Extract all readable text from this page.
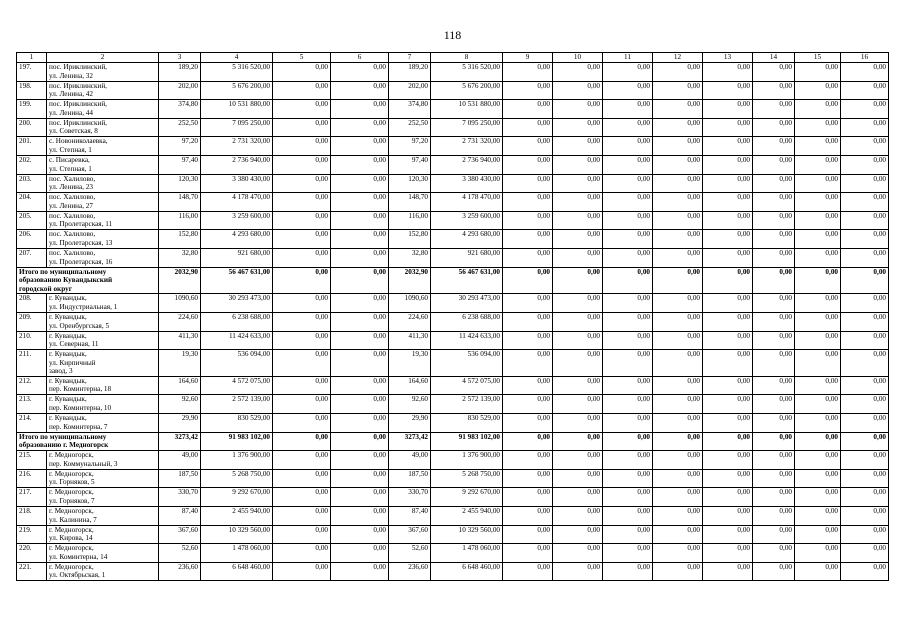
118
1	2	3	4	5	6	7	8	9	10	11	12	13	14	15	16
197.	пос. Ириклинский,
ул. Ленина, 32	189,20	5 316 520,00	0,00	0,00	189,20	5 316 520,00	0,00	0,00	0,00	0,00	0,00	0,00	0,00	0,00
198.	пос. Ириклинский,
ул. Ленина, 42	202,00	5 676 200,00	0,00	0,00	202,00	5 676 200,00	0,00	0,00	0,00	0,00	0,00	0,00	0,00	0,00
199.	пос. Ириклинский,
ул. Ленина, 44	374,80	10 531 880,00	0,00	0,00	374,80	10 531 880,00	0,00	0,00	0,00	0,00	0,00	0,00	0,00	0,00
200.	пос. Ириклинский,
ул. Советская, 8	252,50	7 095 250,00	0,00	0,00	252,50	7 095 250,00	0,00	0,00	0,00	0,00	0,00	0,00	0,00	0,00
201.	с. Новониколаевка,
ул. Степная, 1	97,20	2 731 320,00	0,00	0,00	97,20	2 731 320,00	0,00	0,00	0,00	0,00	0,00	0,00	0,00	0,00
202.	с. Писаревка,
ул. Степная, 1	97,40	2 736 940,00	0,00	0,00	97,40	2 736 940,00	0,00	0,00	0,00	0,00	0,00	0,00	0,00	0,00
203.	пос. Халилово,
ул. Ленина, 23	120,30	3 380 430,00	0,00	0,00	120,30	3 380 430,00	0,00	0,00	0,00	0,00	0,00	0,00	0,00	0,00
204.	пос. Халилово,
ул. Ленина, 27	148,70	4 178 470,00	0,00	0,00	148,70	4 178 470,00	0,00	0,00	0,00	0,00	0,00	0,00	0,00	0,00
205.	пос. Халилово,
ул. Пролетарская, 11	116,00	3 259 600,00	0,00	0,00	116,00	3 259 600,00	0,00	0,00	0,00	0,00	0,00	0,00	0,00	0,00
206.	пос. Халилово,
ул. Пролетарская, 13	152,80	4 293 680,00	0,00	0,00	152,80	4 293 680,00	0,00	0,00	0,00	0,00	0,00	0,00	0,00	0,00
207.	пос. Халилово,
ул. Пролетарская, 16	32,80	921 680,00	0,00	0,00	32,80	921 680,00	0,00	0,00	0,00	0,00	0,00	0,00	0,00	0,00
Итого по муниципальному
образованию Кувандыкский
городской округ		2032,90	56 467 631,00	0,00	0,00	2032,90	56 467 631,00	0,00	0,00	0,00	0,00	0,00	0,00	0,00	0,00
208.	г. Кувандык,
ул. Индустриальная, 1	1090,60	30 293 473,00	0,00	0,00	1090,60	30 293 473,00	0,00	0,00	0,00	0,00	0,00	0,00	0,00	0,00
209.	г. Кувандык,
ул. Оренбургская, 5	224,60	6 238 688,00	0,00	0,00	224,60	6 238 688,00	0,00	0,00	0,00	0,00	0,00	0,00	0,00	0,00
210.	г. Кувандык,
ул. Северная, 11	411,30	11 424 633,00	0,00	0,00	411,30	11 424 633,00	0,00	0,00	0,00	0,00	0,00	0,00	0,00	0,00
211.	г. Кувандык,
ул. Кирпичный
завод, 3	19,30	536 094,00	0,00	0,00	19,30	536 094,00	0,00	0,00	0,00	0,00	0,00	0,00	0,00	0,00
212.	г. Кувандык,
пер. Коминтерна, 18	164,60	4 572 075,00	0,00	0,00	164,60	4 572 075,00	0,00	0,00	0,00	0,00	0,00	0,00	0,00	0,00
213.	г. Кувандык,
пер. Коминтерна, 10	92,60	2 572 139,00	0,00	0,00	92,60	2 572 139,00	0,00	0,00	0,00	0,00	0,00	0,00	0,00	0,00
214.	г. Кувандык,
пер. Коминтерна, 7	29,90	830 529,00	0,00	0,00	29,90	830 529,00	0,00	0,00	0,00	0,00	0,00	0,00	0,00	0,00
Итого по муниципальному
образованию г. Медногорск		3273,42	91 983 102,00	0,00	0,00	3273,42	91 983 102,00	0,00	0,00	0,00	0,00	0,00	0,00	0,00	0,00
215.	г. Медногорск,
пер. Коммунальный, 3	49,00	1 376 900,00	0,00	0,00	49,00	1 376 900,00	0,00	0,00	0,00	0,00	0,00	0,00	0,00	0,00
216.	г. Медногорск,
ул. Горняков, 5	187,50	5 268 750,00	0,00	0,00	187,50	5 268 750,00	0,00	0,00	0,00	0,00	0,00	0,00	0,00	0,00
217.	г. Медногорск,
ул. Горняков, 7	330,70	9 292 670,00	0,00	0,00	330,70	9 292 670,00	0,00	0,00	0,00	0,00	0,00	0,00	0,00	0,00
218.	г. Медногорск,
ул. Калинина, 7	87,40	2 455 940,00	0,00	0,00	87,40	2 455 940,00	0,00	0,00	0,00	0,00	0,00	0,00	0,00	0,00
219.	г. Медногорск,
ул. Кирова, 14	367,60	10 329 560,00	0,00	0,00	367,60	10 329 560,00	0,00	0,00	0,00	0,00	0,00	0,00	0,00	0,00
220.	г. Медногорск,
ул. Коминтерна, 14	52,60	1 478 060,00	0,00	0,00	52,60	1 478 060,00	0,00	0,00	0,00	0,00	0,00	0,00	0,00	0,00
221.	г. Медногорск,
ул. Октябрьская, 1	236,60	6 648 460,00	0,00	0,00	236,60	6 648 460,00	0,00	0,00	0,00	0,00	0,00	0,00	0,00	0,00
